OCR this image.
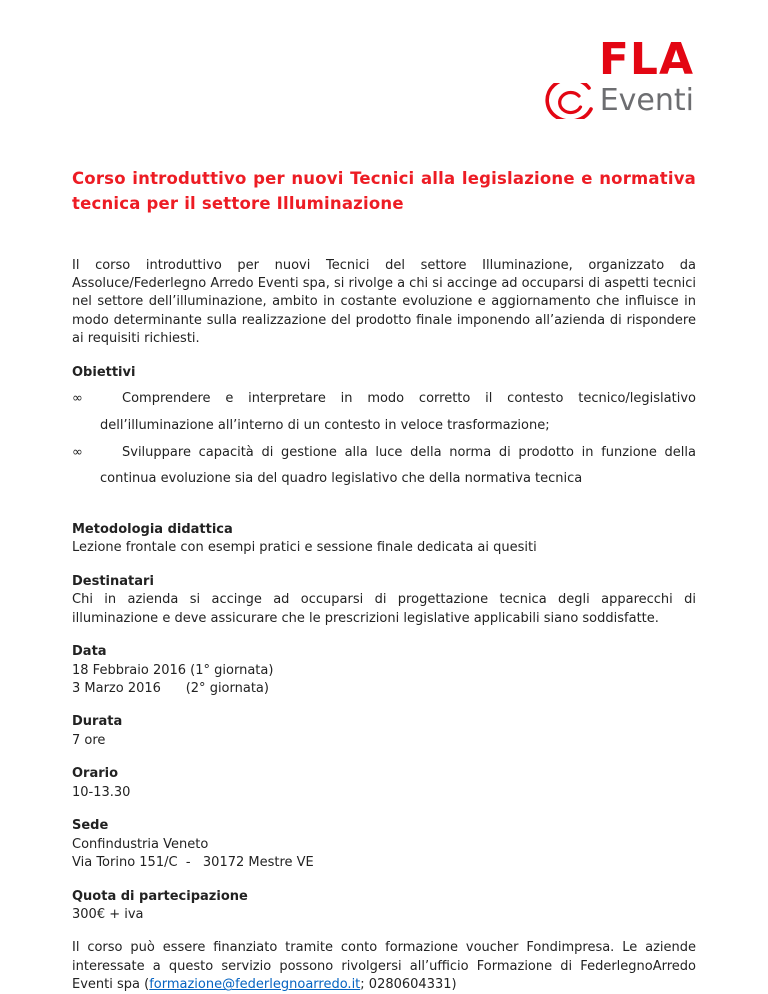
FLA
Eventi
Corso introduttivo per nuovi Tecnici alla legislazione e normativa tecnica per il settore Illuminazione
Il corso introduttivo per nuovi Tecnici del settore Illuminazione, organizzato da Assoluce/Federlegno Arredo Eventi spa, si rivolge a chi si accinge ad occuparsi di aspetti tecnici nel settore dell’illuminazione, ambito in costante evoluzione e aggiornamento che influisce in modo determinante sulla realizzazione del prodotto finale imponendo all’azienda di rispondere ai requisiti richiesti.
Obiettivi
∞	Comprendere e interpretare in modo corretto il contesto tecnico/legislativo dell’illuminazione all’interno di un contesto in veloce trasformazione;
∞	Sviluppare capacità di gestione alla luce della norma di prodotto in funzione della continua evoluzione sia del quadro legislativo che della normativa tecnica
Metodologia didattica
Lezione frontale con esempi pratici e sessione finale dedicata ai quesiti
Destinatari
Chi in azienda si accinge ad occuparsi di progettazione tecnica degli apparecchi di illuminazione e deve assicurare che le prescrizioni legislative applicabili siano soddisfatte.
Data
18 Febbraio 2016 (1° giornata)
3 Marzo 2016      (2° giornata)
Durata
7 ore
Orario
10-13.30
Sede
Confindustria Veneto
Via Torino 151/C  -   30172 Mestre VE
Quota di partecipazione
300€ + iva
Il corso può essere finanziato tramite conto formazione voucher Fondimpresa. Le aziende interessate a questo servizio possono rivolgersi all’ufficio Formazione di FederlegnoArredo Eventi spa (formazione@federlegnoarredo.it; 0280604331)
